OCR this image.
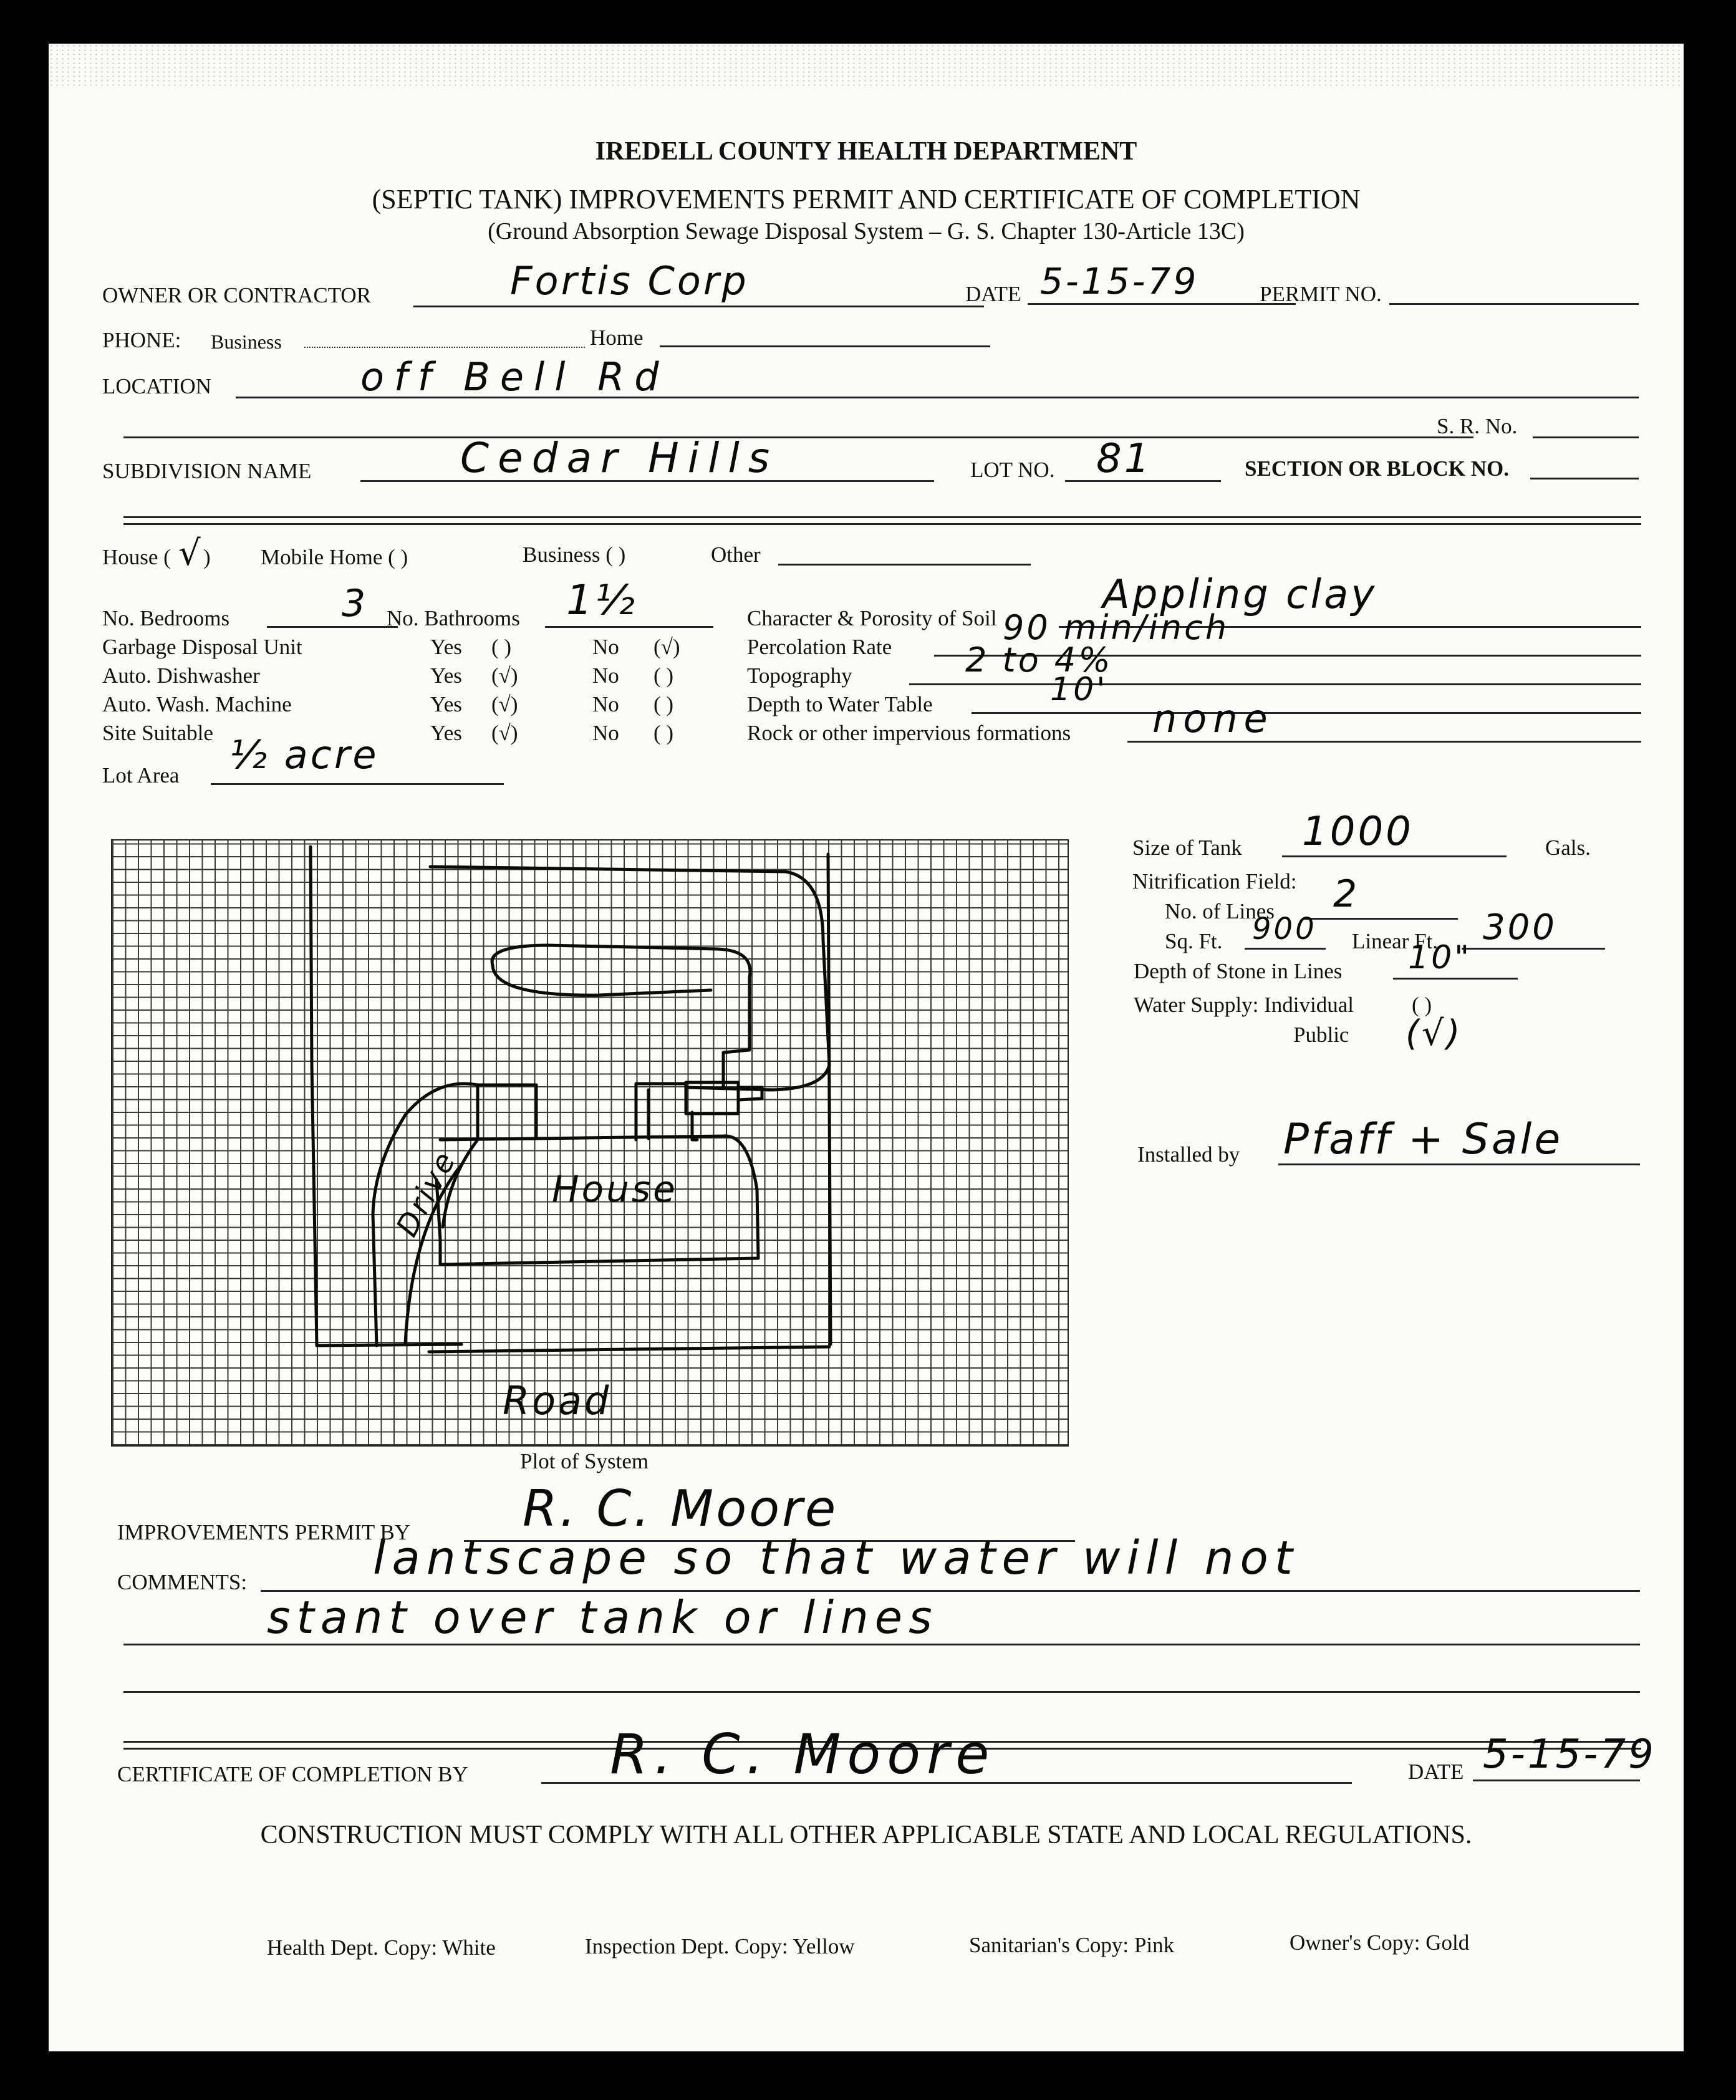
IREDELL COUNTY HEALTH DEPARTMENT
(SEPTIC TANK) IMPROVEMENTS PERMIT AND CERTIFICATE OF COMPLETION
(Ground Absorption Sewage Disposal System – G. S. Chapter 130-Article 13C)
OWNER OR CONTRACTOR	Fortis Corp	DATE 5-15-79	PERMIT NO.
PHONE: Business	Home
LOCATION	off Bell Rd
S. R. No.
SUBDIVISION NAME	Cedar Hills	LOT NO. 81	SECTION OR BLOCK NO.
House ( √ ) Mobile Home ( )	Business ( )	Other
No. Bedrooms	3 No. Bathrooms 1½
Garbage Disposal Unit	Yes ( )	No (√)
Auto. Dishwasher	Yes (√)	No ( )
Auto. Wash. Machine	Yes (√)	No ( )
Site Suitable	Yes (√)	No ( )
Lot Area ½ acre
Character & Porosity of Soil
Appling clay
Percolation Rate	90 min/inch
Topography	2 to 4%
Depth to Water Table	10'
Rock or other impervious formations none
House
Drive
Road
Plot of System
Size of Tank 1000	Gals.
Nitrification Field:
No. of Lines 2
Sq. Ft. 900 Linear Ft. 300
Depth of Stone in Lines 10"
Water Supply: Individual	( )
Public (√)
Installed by Pfaff + Sale
IMPROVEMENTS PERMIT BY R. C. Moore
COMMENTS:	lantscape so that water will not
stant over tank or lines
CERTIFICATE OF COMPLETION BY	R. C. Moore	DATE 5-15-79
CONSTRUCTION MUST COMPLY WITH ALL OTHER APPLICABLE STATE AND LOCAL REGULATIONS.
Health Dept. Copy: White	Inspection Dept. Copy: Yellow	Sanitarian's Copy: Pink	Owner's Copy: Gold
